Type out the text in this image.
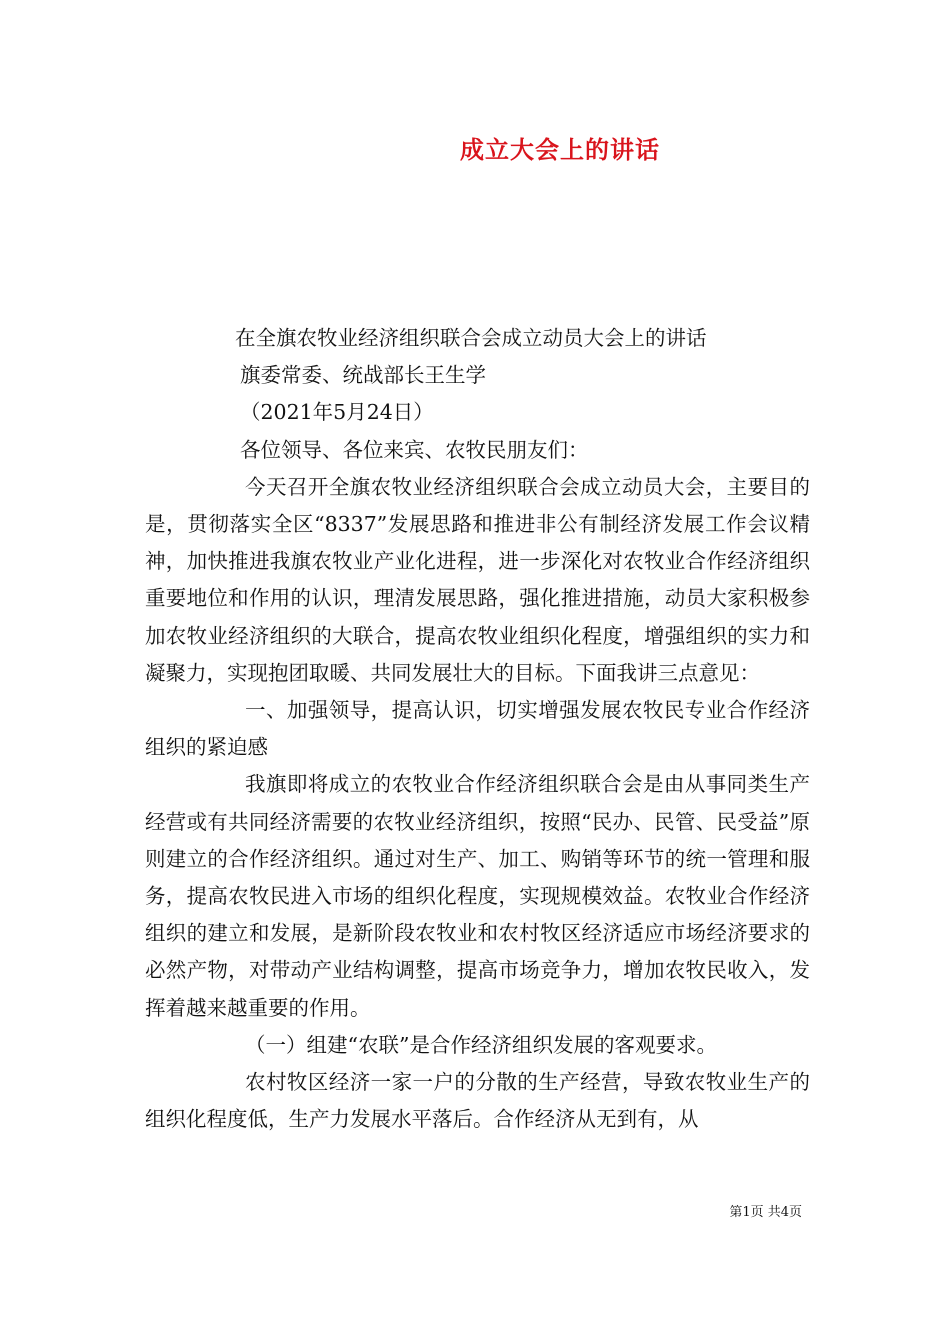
成立大会上的讲话

在全旗农牧业经济组织联合会成立动员大会上的讲话

旗委常委、统战部长王生学

（2021年5月24日）

各位领导、各位来宾、农牧民朋友们：

今天召开全旗农牧业经济组织联合会成立动员大会，主要目的是，贯彻落实全区“8337”发展思路和推进非公有制经济发展工作会议精神，加快推进我旗农牧业产业化进程，进一步深化对农牧业合作经济组织重要地位和作用的认识，理清发展思路，强化推进措施，动员大家积极参加农牧业经济组织的大联合，提高农牧业组织化程度，增强组织的实力和凝聚力，实现抱团取暖、共同发展壮大的目标。下面我讲三点意见：

一、加强领导，提高认识，切实增强发展农牧民专业合作经济组织的紧迫感

我旗即将成立的农牧业合作经济组织联合会是由从事同类生产经营或有共同经济需要的农牧业经济组织，按照“民办、民管、民受益”原则建立的合作经济组织。通过对生产、加工、购销等环节的统一管理和服务，提高农牧民进入市场的组织化程度，实现规模效益。农牧业合作经济组织的建立和发展，是新阶段农牧业和农村牧区经济适应市场经济要求的必然产物，对带动产业结构调整，提高市场竞争力，增加农牧民收入，发挥着越来越重要的作用。

（一）组建“农联”是合作经济组织发展的客观要求。

农村牧区经济一家一户的分散的生产经营，导致农牧业生产的组织化程度低，生产力发展水平落后。合作经济从无到有，从

第1页 共4页
